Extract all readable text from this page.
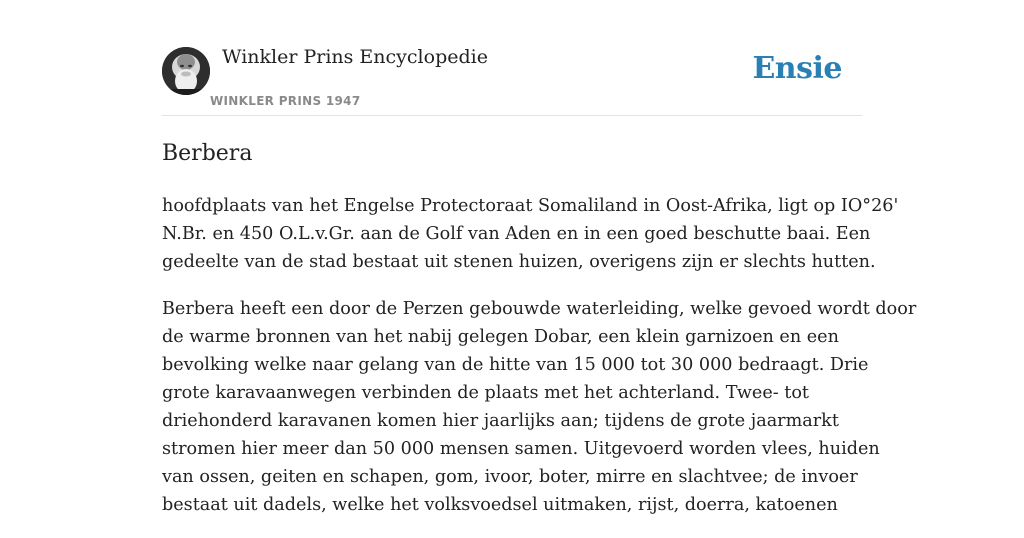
Winkler Prins Encyclopedie
WINKLER PRINS 1947
Ensie
Berbera

hoofdplaats van het Engelse Protectoraat Somaliland in Oost-Afrika, ligt op IO°26'
N.Br. en 450 O.L.v.Gr. aan de Golf van Aden en in een goed beschutte baai. Een
gedeelte van de stad bestaat uit stenen huizen, overigens zijn er slechts hutten.

Berbera heeft een door de Perzen gebouwde waterleiding, welke gevoed wordt door
de warme bronnen van het nabij gelegen Dobar, een klein garnizoen en een
bevolking welke naar gelang van de hitte van 15 000 tot 30 000 bedraagt. Drie
grote karavaanwegen verbinden de plaats met het achterland. Twee- tot
driehonderd karavanen komen hier jaarlijks aan; tijdens de grote jaarmarkt
stromen hier meer dan 50 000 mensen samen. Uitgevoerd worden vlees, huiden
van ossen, geiten en schapen, gom, ivoor, boter, mirre en slachtvee; de invoer
bestaat uit dadels, welke het volksvoedsel uitmaken, rijst, doerra, katoenen
